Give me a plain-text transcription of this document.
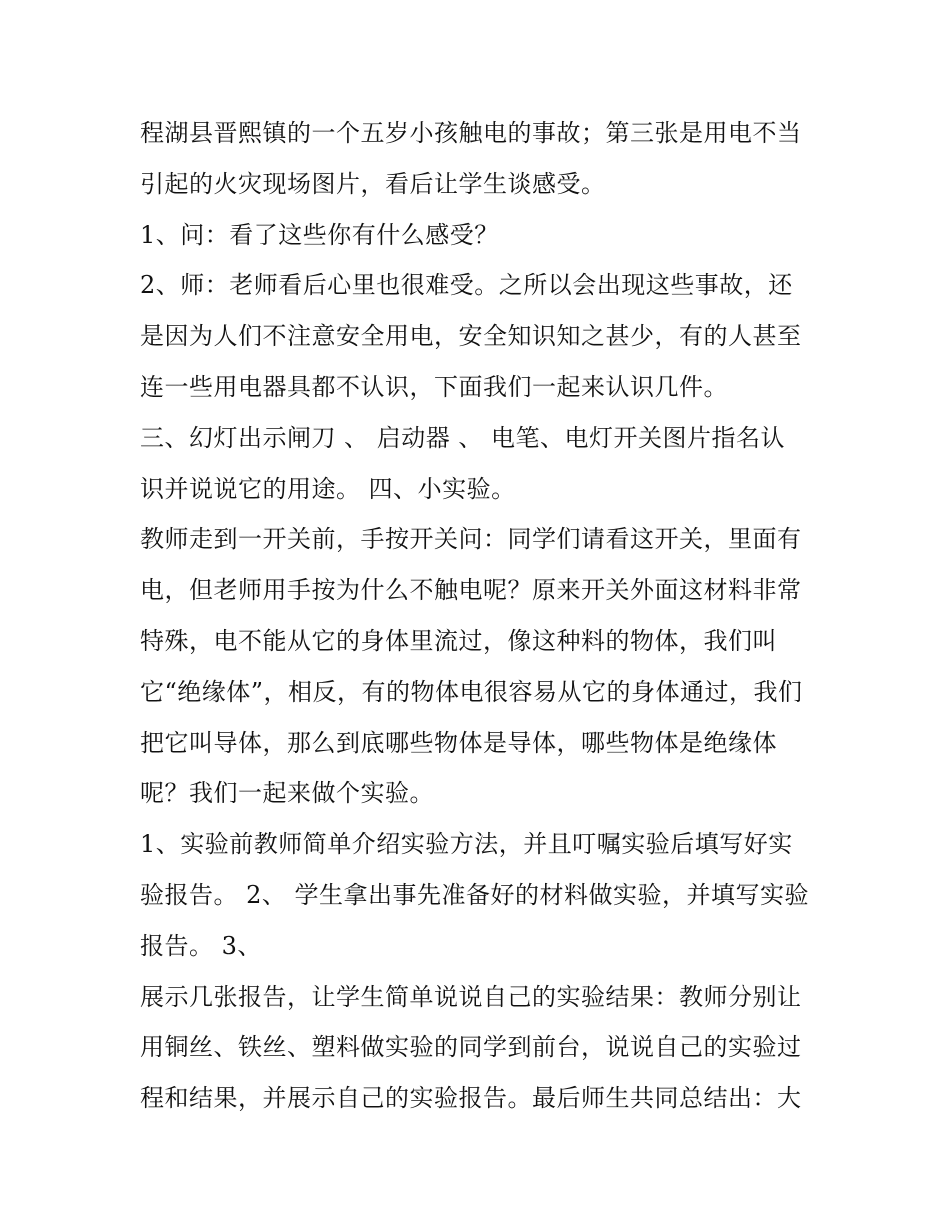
程湖县晋熙镇的一个五岁小孩触电的事故；第三张是用电不当
引起的火灾现场图片，看后让学生谈感受。
1、问：看了这些你有什么感受？
2、师：老师看后心里也很难受。之所以会出现这些事故，还
是因为人们不注意安全用电，安全知识知之甚少，有的人甚至
连一些用电器具都不认识，下面我们一起来认识几件。
三、幻灯出示闸刀 、 启动器 、 电笔、电灯开关图片指名认
识并说说它的用途。 四、小实验。
教师走到一开关前，手按开关问：同学们请看这开关，里面有
电，但老师用手按为什么不触电呢？原来开关外面这材料非常
特殊，电不能从它的身体里流过，像这种料的物体，我们叫
它“绝缘体”，相反，有的物体电很容易从它的身体通过，我们
把它叫导体，那么到底哪些物体是导体，哪些物体是绝缘体
呢？我们一起来做个实验。
1、实验前教师简单介绍实验方法，并且叮嘱实验后填写好实
验报告。 2、 学生拿出事先准备好的材料做实验，并填写实验
报告。 3、
展示几张报告，让学生简单说说自己的实验结果：教师分别让
用铜丝、铁丝、塑料做实验的同学到前台，说说自己的实验过
程和结果，并展示自己的实验报告。最后师生共同总结出：大
